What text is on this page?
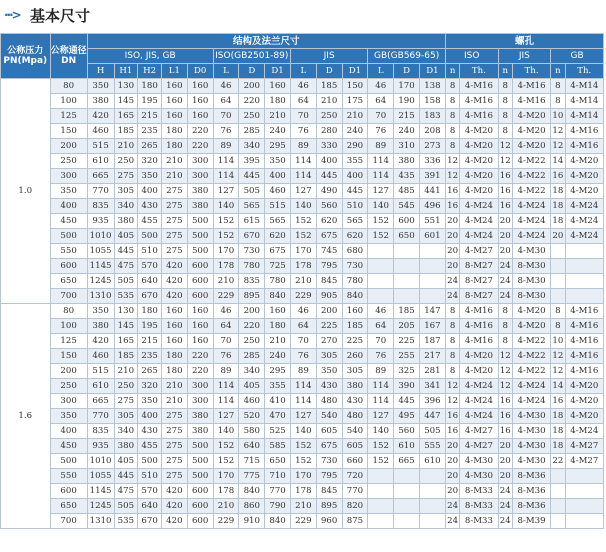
···> 基本尺寸
公称压力PN(Mpa)	公称通径DN	结构及法兰尺寸														螺孔					
		ISO, JIS, GB					ISO(GB2501-89)			JIS			GB(GB569-65)			ISO		JIS		GB	
		H	H1	H2	L1	D0	L	D	D1	L	D	D1	L	D	D1	n	Th.	n	Th.	n	Th.
1.0	80	350	130	180	160	160	46	200	160	46	185	150	46	170	138	8	4-M16	8	4-M16	8	4-M14
	100	380	145	195	160	160	64	220	180	64	210	175	64	190	158	8	4-M16	8	4-M16	8	4-M14
	125	420	165	215	160	160	70	250	210	70	250	210	70	215	183	8	4-M16	8	4-M20	10	4-M14
	150	460	185	235	180	220	76	285	240	76	280	240	76	240	208	8	4-M20	8	4-M20	12	4-M16
	200	515	210	265	180	220	89	340	295	89	330	290	89	310	273	8	4-M20	12	4-M20	12	4-M16
	250	610	250	320	210	300	114	395	350	114	400	355	114	380	336	12	4-M20	12	4-M22	14	4-M20
	300	665	275	350	210	300	114	445	400	114	445	400	114	435	391	12	4-M20	16	4-M22	16	4-M20
	350	770	305	400	275	380	127	505	460	127	490	445	127	485	441	16	4-M20	16	4-M22	18	4-M20
	400	835	340	430	275	380	140	565	515	140	560	510	140	545	496	16	4-M24	16	4-M24	18	4-M24
	450	935	380	455	275	500	152	615	565	152	620	565	152	600	551	20	4-M24	20	4-M24	18	4-M24
	500	1010	405	500	275	500	152	670	620	152	675	620	152	650	601	20	4-M24	20	4-M24	20	4-M24
	550	1055	445	510	275	500	170	730	675	170	745	680				20	4-M27	20	4-M30		
	600	1145	475	570	420	600	178	780	725	178	795	730				20	8-M27	24	8-M30		
	650	1245	505	640	420	600	210	835	780	210	845	780				24	8-M27	24	8-M30		
	700	1310	535	670	420	600	229	895	840	229	905	840				24	8-M27	24	8-M30		
1.6	80	350	130	180	160	160	46	200	160	46	200	160	46	185	147	8	4-M16	8	4-M20	8	4-M16
	100	380	145	195	160	160	64	220	180	64	225	185	64	205	167	8	4-M16	8	4-M20	8	4-M16
	125	420	165	215	160	160	70	250	210	70	270	225	70	225	187	8	4-M16	8	4-M22	10	4-M16
	150	460	185	235	180	220	76	285	240	76	305	260	76	255	217	8	4-M20	12	4-M22	12	4-M16
	200	515	210	265	180	220	89	340	295	89	350	305	89	325	281	8	4-M20	12	4-M22	12	4-M16
	250	610	250	320	210	300	114	405	355	114	430	380	114	390	341	12	4-M24	12	4-M24	14	4-M20
	300	665	275	350	210	300	114	460	410	114	480	430	114	445	396	12	4-M24	16	4-M24	16	4-M20
	350	770	305	400	275	380	127	520	470	127	540	480	127	495	447	16	4-M24	16	4-M30	18	4-M20
	400	835	340	430	275	380	140	580	525	140	605	540	140	560	505	16	4-M27	16	4-M30	18	4-M24
	450	935	380	455	275	500	152	640	585	152	675	605	152	610	555	20	4-M27	20	4-M30	18	4-M27
	500	1010	405	500	275	500	152	715	650	152	730	660	152	665	610	20	4-M30	20	4-M30	22	4-M27
	550	1055	445	510	275	500	170	775	710	170	795	720				20	4-M30	20	8-M36		
	600	1145	475	570	420	600	178	840	770	178	845	770				20	8-M33	24	8-M36		
	650	1245	505	640	420	600	210	860	790	210	895	820				24	8-M33	24	8-M36		
	700	1310	535	670	420	600	229	910	840	229	960	875				24	8-M33	24	8-M39		
